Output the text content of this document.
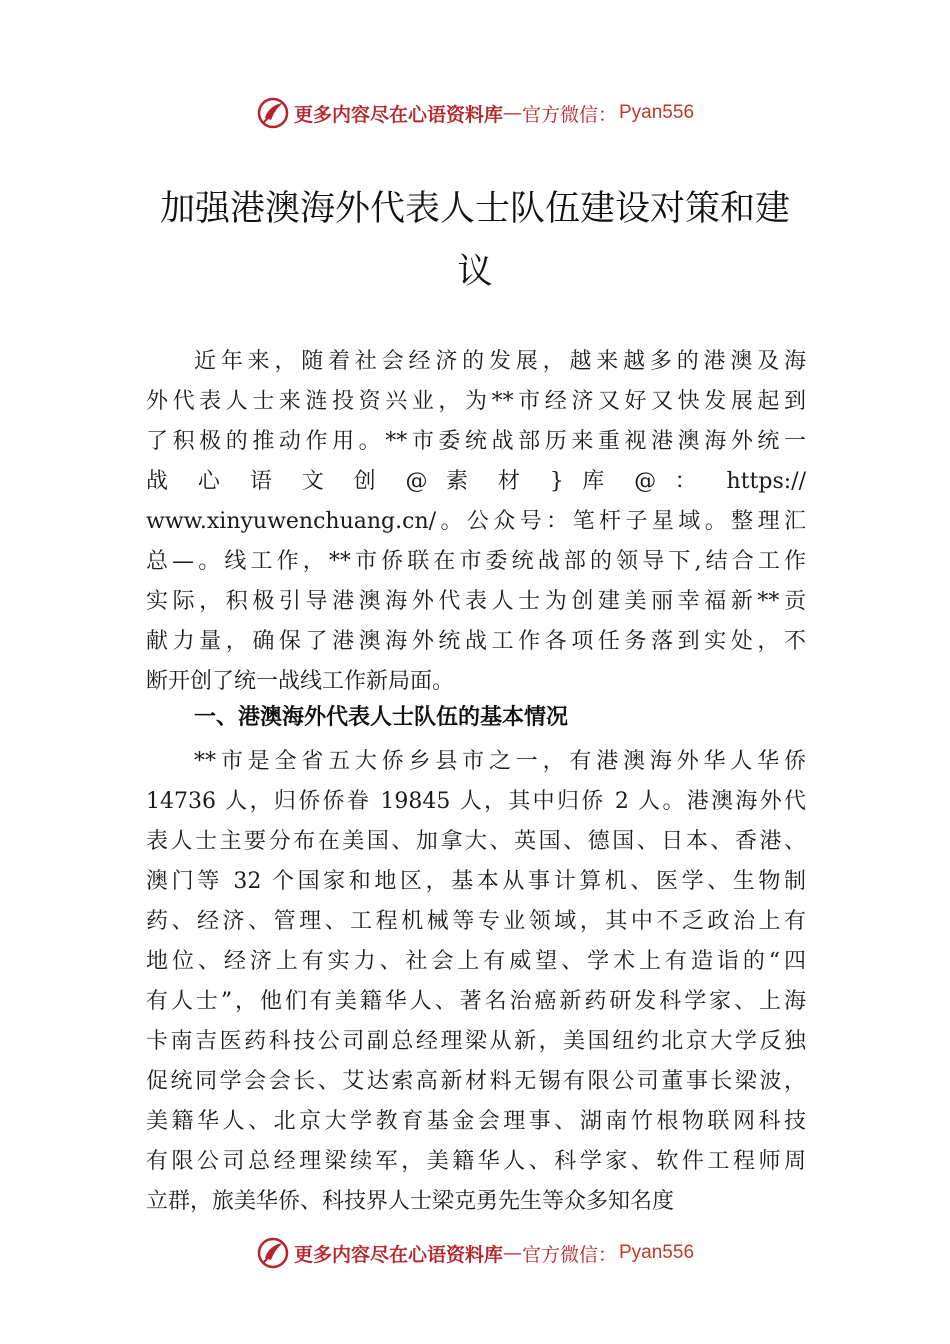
更多内容尽在心语资料库 — 官方微信： Pyan556
加强港澳海外代表人士队伍建设对策和建
议
近年来，随着社会经济的发展，越来越多的港澳及海
外代表人士来涟投资兴业，为**市经济又好又快发展起到
了积极的推动作用。**市委统战部历来重视港澳海外统一
战 心 语 文 创 @ 素 材 } 库 @ ： https://
www.xinyuwenchuang.cn/。公众号：笔杆子星域。整理汇
总—。线工作，**市侨联在市委统战部的领导下,结合工作
实际，积极引导港澳海外代表人士为创建美丽幸福新**贡
献力量，确保了港澳海外统战工作各项任务落到实处，不
断开创了统一战线工作新局面。
一、港澳海外代表人士队伍的基本情况
**市是全省五大侨乡县市之一，有港澳海外华人华侨
14736 人，归侨侨眷 19845 人，其中归侨 2 人。港澳海外代
表人士主要分布在美国、加拿大、英国、德国、日本、香港、
澳门等 32 个国家和地区，基本从事计算机、医学、生物制
药、经济、管理、工程机械等专业领域，其中不乏政治上有
地位、经济上有实力、社会上有威望、学术上有造诣的“四
有人士”，他们有美籍华人、著名治癌新药研发科学家、上海
卡南吉医药科技公司副总经理梁从新，美国纽约北京大学反独
促统同学会会长、艾达索高新材料无锡有限公司董事长梁波，
美籍华人、北京大学教育基金会理事、湖南竹根物联网科技
有限公司总经理梁续军，美籍华人、科学家、软件工程师周
立群，旅美华侨、科技界人士梁克勇先生等众多知名度
更多内容尽在心语资料库 — 官方微信： Pyan556
